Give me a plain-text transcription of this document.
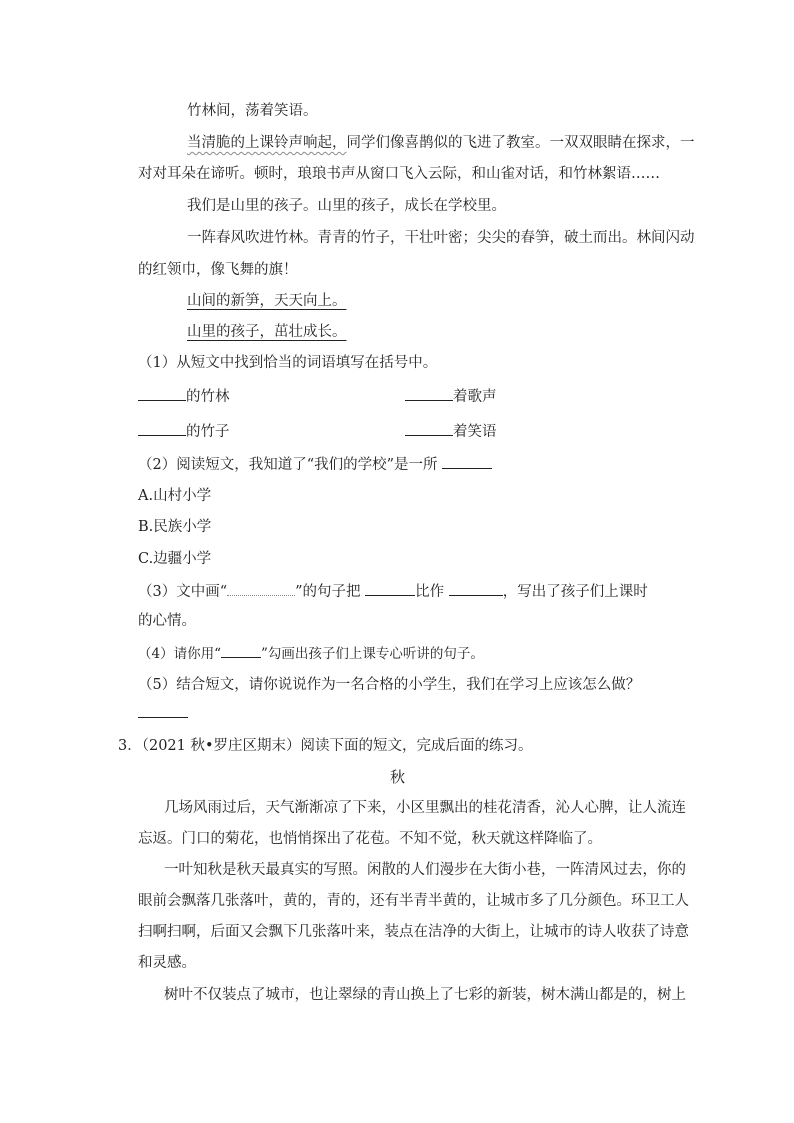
竹林间，荡着笑语。
当清脆的上课铃声响起，同学们像喜鹊似的飞进了教室。一双双眼睛在探求，一
对对耳朵在谛听。顿时，琅琅书声从窗口飞入云际，和山雀对话，和竹林絮语……
我们是山里的孩子。山里的孩子，成长在学校里。
一阵春风吹进竹林。青青的竹子，干壮叶密；尖尖的春笋，破土而出。林间闪动
的红领巾，像飞舞的旗！
山间的新笋，天天向上。
山里的孩子，茁壮成长。
（1）从短文中找到恰当的词语填写在括号中。
的竹林	着歌声
的竹子	着笑语
（2）阅读短文，我知道了“我们的学校”是一所
A.山村小学
B.民族小学
C.边疆小学
（3）文中画“	”的句子把	比作	，写出了孩子们上课时
的心情。
（4）请你用“	”勾画出孩子们上课专心听讲的句子。
（5）结合短文，请你说说作为一名合格的小学生，我们在学习上应该怎么做？
3．（2021 秋•罗庄区期末）阅读下面的短文，完成后面的练习。
秋
几场风雨过后，天气渐渐凉了下来，小区里飘出的桂花清香，沁人心脾，让人流连
忘返。门口的菊花，也悄悄探出了花苞。不知不觉，秋天就这样降临了。
一叶知秋是秋天最真实的写照。闲散的人们漫步在大街小巷，一阵清风过去，你的
眼前会飘落几张落叶，黄的，青的，还有半青半黄的，让城市多了几分颜色。环卫工人
扫啊扫啊，后面又会飘下几张落叶来，装点在洁净的大街上，让城市的诗人收获了诗意
和灵感。
树叶不仅装点了城市，也让翠绿的青山换上了七彩的新装，树木满山都是的，树上
